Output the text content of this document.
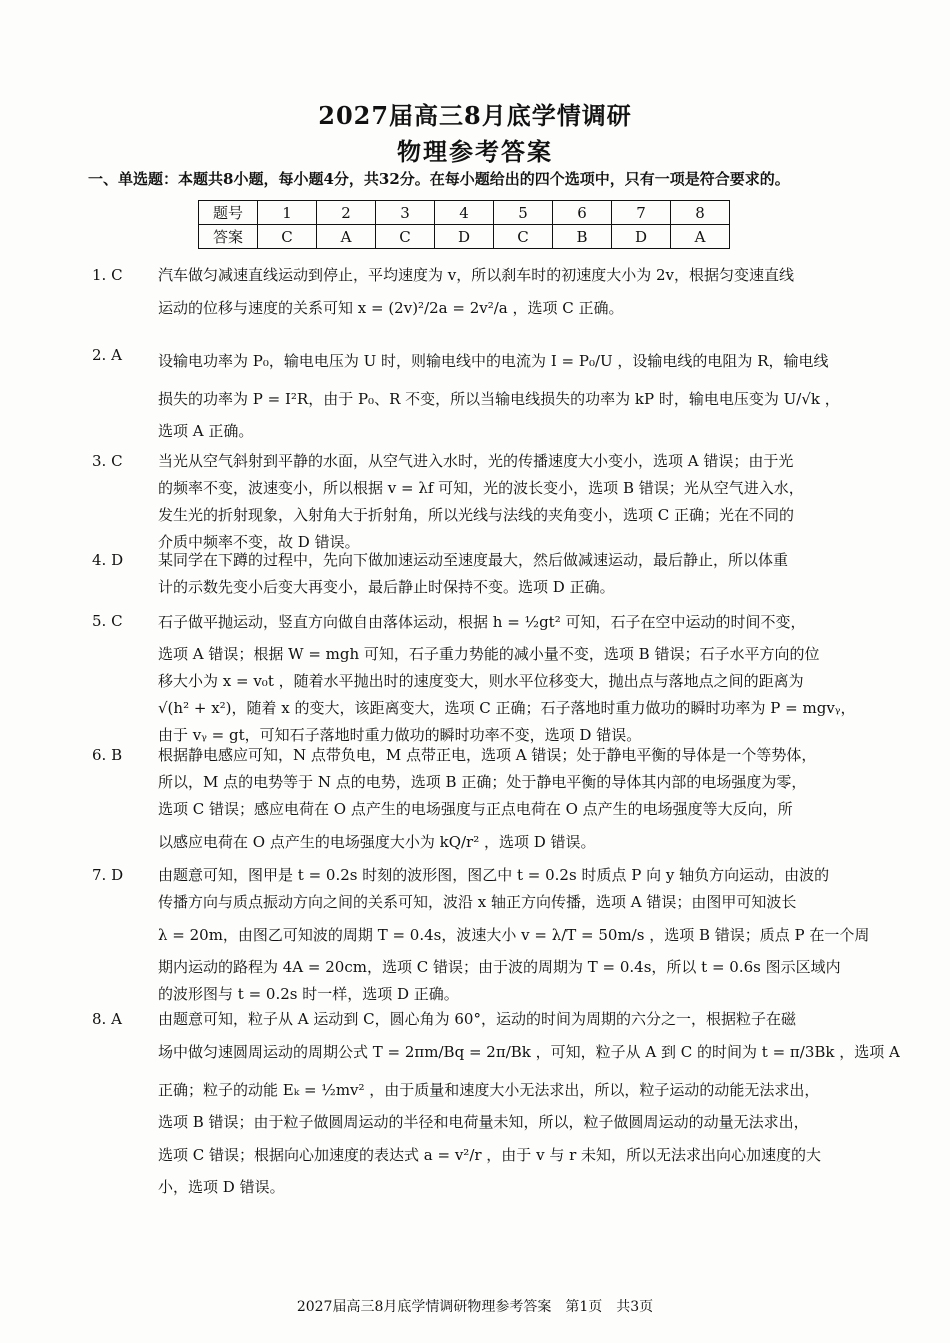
2027届高三8月底学情调研
物理参考答案
一、单选题：本题共8小题，每小题4分，共32分。在每小题给出的四个选项中，只有一项是符合要求的。
题号	1	2	3	4	5	6	7	8
答案	C	A	C	D	C	B	D	A
1. C	汽车做匀减速直线运动到停止，平均速度为 v，所以刹车时的初速度大小为 2v，根据匀变速直线
运动的位移与速度的关系可知 x = (2v)²/2a = 2v²/a ，选项 C 正确。
2. A	设输电功率为 P₀，输电电压为 U 时，则输电线中的电流为 I = P₀/U ，设输电线的电阻为 R，输电线
损失的功率为 P = I²R，由于 P₀、R 不变，所以当输电线损失的功率为 kP 时，输电电压变为 U/√k ，
选项 A 正确。
3. C	当光从空气斜射到平静的水面，从空气进入水时，光的传播速度大小变小，选项 A 错误；由于光
的频率不变，波速变小，所以根据 v = λf 可知，光的波长变小，选项 B 错误；光从空气进入水，
发生光的折射现象，入射角大于折射角，所以光线与法线的夹角变小，选项 C 正确；光在不同的
介质中频率不变，故 D 错误。
4. D	某同学在下蹲的过程中，先向下做加速运动至速度最大，然后做减速运动，最后静止，所以体重
计的示数先变小后变大再变小，最后静止时保持不变。选项 D 正确。
5. C	石子做平抛运动，竖直方向做自由落体运动，根据 h = ½gt² 可知，石子在空中运动的时间不变，
选项 A 错误；根据 W = mgh 可知，石子重力势能的减小量不变，选项 B 错误；石子水平方向的位
移大小为 x = v₀t ，随着水平抛出时的速度变大，则水平位移变大，抛出点与落地点之间的距离为
√(h² + x²)，随着 x 的变大，该距离变大，选项 C 正确；石子落地时重力做功的瞬时功率为 P = mgvᵧ，
由于 vᵧ = gt，可知石子落地时重力做功的瞬时功率不变，选项 D 错误。
6. B	根据静电感应可知，N 点带负电，M 点带正电，选项 A 错误；处于静电平衡的导体是一个等势体，
所以，M 点的电势等于 N 点的电势，选项 B 正确；处于静电平衡的导体其内部的电场强度为零，
选项 C 错误；感应电荷在 O 点产生的电场强度与正点电荷在 O 点产生的电场强度等大反向，所
以感应电荷在 O 点产生的电场强度大小为 kQ/r² ，选项 D 错误。
7. D	由题意可知，图甲是 t = 0.2s 时刻的波形图，图乙中 t = 0.2s 时质点 P 向 y 轴负方向运动，由波的
传播方向与质点振动方向之间的关系可知，波沿 x 轴正方向传播，选项 A 错误；由图甲可知波长
λ = 20m，由图乙可知波的周期 T = 0.4s，波速大小 v = λ/T = 50m/s ，选项 B 错误；质点 P 在一个周
期内运动的路程为 4A = 20cm，选项 C 错误；由于波的周期为 T = 0.4s，所以 t = 0.6s 图示区域内
的波形图与 t = 0.2s 时一样，选项 D 正确。
8. A	由题意可知，粒子从 A 运动到 C，圆心角为 60°，运动的时间为周期的六分之一，根据粒子在磁
场中做匀速圆周运动的周期公式 T = 2πm/Bq = 2π/Bk ，可知，粒子从 A 到 C 的时间为 t = π/3Bk ，选项 A
正确；粒子的动能 Eₖ = ½mv² ，由于质量和速度大小无法求出，所以，粒子运动的动能无法求出，
选项 B 错误；由于粒子做圆周运动的半径和电荷量未知，所以，粒子做圆周运动的动量无法求出，
选项 C 错误；根据向心加速度的表达式 a = v²/r ，由于 v 与 r 未知，所以无法求出向心加速度的大
小，选项 D 错误。
2027届高三8月底学情调研物理参考答案　第1页　共3页
